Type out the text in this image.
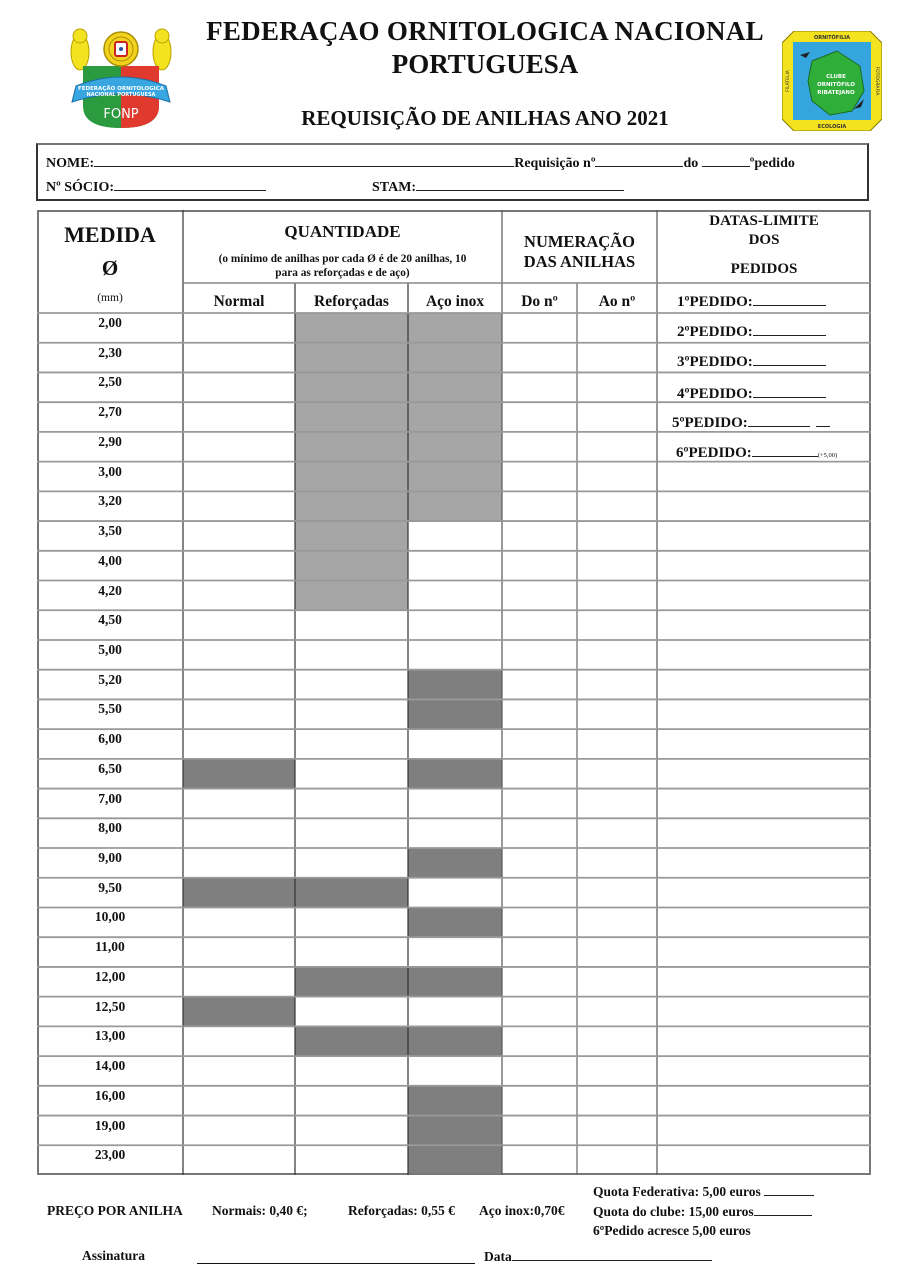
FEDERAÇÃO ORNITOLOGICA
NACIONAL PORTUGUESA
FONP
FEDERAÇAO ORNITOLOGICA NACIONAL
PORTUGUESA
REQUISIÇÃO DE ANILHAS ANO 2021
CLUBE
ORNITÓFILO
RIBATEJANO
ORNITÓFILIA
ECOLOGIA
FILATELIA	FOTOGRAFIA
NOME:	Requisição nº	do	ºpedido
Nº SÓCIO:	STAM:
MEDIDA
Ø
(mm)
QUANTIDADE
(o mínimo de anilhas por cada Ø é de 20 anilhas, 10
para as reforçadas e de aço)
NUMERAÇÃO
DAS ANILHAS
DATAS-LIMITE
DOS
PEDIDOS
Normal	Reforçadas	Aço inox	Do nº	Ao nº
2,00
2,30
2,50
2,70
2,90
3,00
3,20
3,50
4,00
4,20
4,50
5,00
5,20
5,50
6,00
6,50
7,00
8,00
9,00
9,50
10,00
11,00
12,00
12,50
13,00
14,00
16,00
19,00
23,00
1ºPEDIDO:
2ºPEDIDO:
3ºPEDIDO:
4ºPEDIDO:
5ºPEDIDO:
6ºPEDIDO:	(+5,00)
PREÇO POR ANILHA Normais: 0,40 €;	Reforçadas: 0,55 € Aço inox:0,70€
Quota Federativa: 5,00 euros
Quota do clube: 15,00 euros
6ºPedido acresce 5,00 euros
Assinatura	Data
